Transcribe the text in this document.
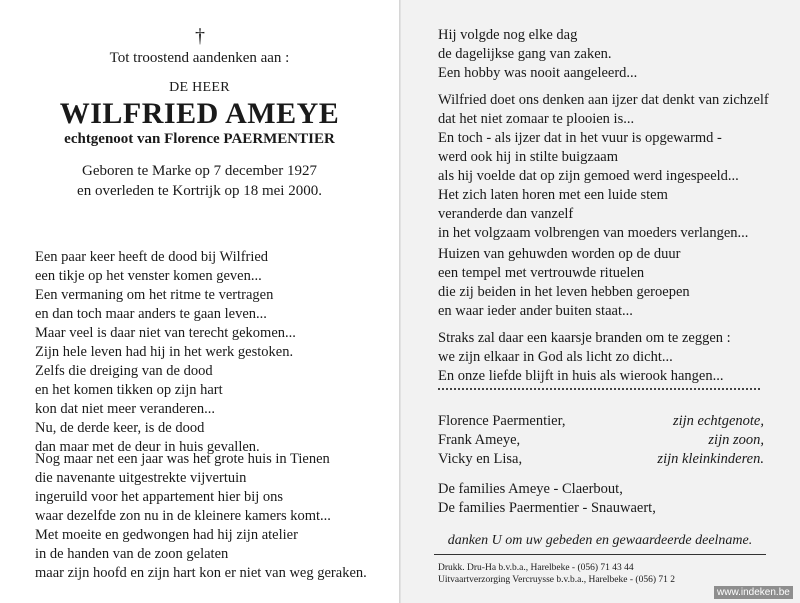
†
Tot troostend aandenken aan :
DE HEER
WILFRIED AMEYE
echtgenoot van Florence PAERMENTIER
Geboren te Marke op 7 december 1927
en overleden te Kortrijk op 18 mei 2000.
Een paar keer heeft de dood bij Wilfried
een tikje op het venster komen geven...
Een vermaning om het ritme te vertragen
en dan toch maar anders te gaan leven...
Maar veel is daar niet van terecht gekomen...
Zijn hele leven had hij in het werk gestoken.
Zelfs die dreiging van de dood
en het komen tikken op zijn hart
kon dat niet meer veranderen...
Nu, de derde keer, is de dood
dan maar met de deur in huis gevallen.
Nog maar net een jaar was het grote huis in Tienen
die navenante uitgestrekte vijvertuin
ingeruild voor het appartement hier bij ons
waar dezelfde zon nu in de kleinere kamers komt...
Met moeite en gedwongen had hij zijn atelier
in de handen van de zoon gelaten
maar zijn hoofd en zijn hart kon er niet van weg geraken.
Hij volgde nog elke dag
de dagelijkse gang van zaken.
Een hobby was nooit aangeleerd...
Wilfried doet ons denken aan ijzer dat denkt van zichzelf
dat het niet zomaar te plooien is...
En toch - als ijzer dat in het vuur is opgewarmd -
werd ook hij in stilte buigzaam
als hij voelde dat op zijn gemoed werd ingespeeld...
Het zich laten horen met een luide stem
veranderde dan vanzelf
in het volgzaam volbrengen van moeders verlangen...
Huizen van gehuwden worden op de duur
een tempel met vertrouwde rituelen
die zij beiden in het leven hebben geroepen
en waar ieder ander buiten staat...
Straks zal daar een kaarsje branden om te zeggen :
we zijn elkaar in God als licht zo dicht...
En onze liefde blijft in huis als wierook hangen...
Florence Paermentier,	zijn echtgenote,
Frank Ameye,	zijn zoon,
Vicky en Lisa,	zijn kleinkinderen.
De families Ameye - Claerbout,
De families Paermentier - Snauwaert,
danken U om uw gebeden en gewaardeerde deelname.
Drukk. Dru-Ha b.v.b.a., Harelbeke - (056) 71 43 44
Uitvaartverzorging Vercruysse b.v.b.a., Harelbeke - (056) 71 2
www.indeken.be
